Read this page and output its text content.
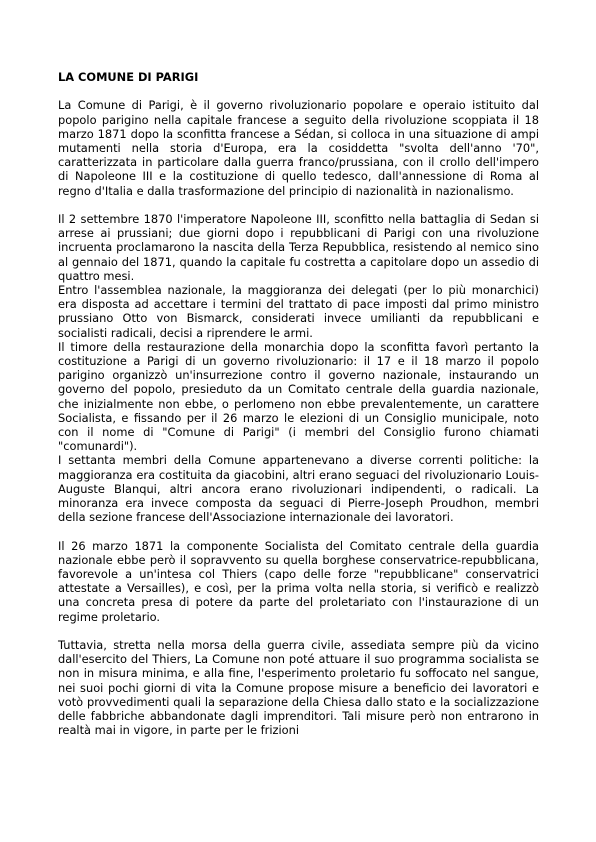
LA COMUNE DI PARIGI

La Comune di Parigi, è il governo rivoluzionario popolare e operaio istituito dal popolo parigino nella capitale francese a seguito della rivoluzione scoppiata il 18 marzo 1871 dopo la sconfitta francese a Sédan, si colloca in una situazione di ampi mutamenti nella storia d'Europa, era la cosiddetta "svolta dell'anno '70", caratterizzata in particolare dalla guerra franco/prussiana, con il crollo dell'impero di Napoleone III e la costituzione di quello tedesco, dall'annessione di Roma al regno d'Italia e dalla trasformazione del principio di nazionalità in nazionalismo.

Il 2 settembre 1870 l'imperatore Napoleone III, sconfitto nella battaglia di Sedan si arrese ai prussiani; due giorni dopo i repubblicani di Parigi con una rivoluzione incruenta proclamarono la nascita della Terza Repubblica, resistendo al nemico sino al gennaio del 1871, quando la capitale fu costretta a capitolare dopo un assedio di quattro mesi.

Entro l'assemblea nazionale, la maggioranza dei delegati (per lo più monarchici) era disposta ad accettare i termini del trattato di pace imposti dal primo ministro prussiano Otto von Bismarck, considerati invece umilianti da repubblicani e socialisti radicali, decisi a riprendere le armi.

Il timore della restaurazione della monarchia dopo la sconfitta favorì pertanto la costituzione a Parigi di un governo rivoluzionario: il 17 e il 18 marzo il popolo parigino organizzò un'insurrezione contro il governo nazionale, instaurando un governo del popolo, presieduto da un Comitato centrale della guardia nazionale, che inizialmente non ebbe, o perlomeno non ebbe prevalentemente, un carattere Socialista, e fissando per il 26 marzo le elezioni di un Consiglio municipale, noto con il nome di "Comune di Parigi" (i membri del Consiglio furono chiamati "comunardi").

I settanta membri della Comune appartenevano a diverse correnti politiche: la maggioranza era costituita da giacobini, altri erano seguaci del rivoluzionario Louis-Auguste Blanqui, altri ancora erano rivoluzionari indipendenti, o radicali. La minoranza era invece composta da seguaci di Pierre-Joseph Proudhon, membri della sezione francese dell'Associazione internazionale dei lavoratori.

Il 26 marzo 1871 la componente Socialista del Comitato centrale della guardia nazionale ebbe però il sopravvento su quella borghese conservatrice-repubblicana, favorevole a un'intesa col Thiers (capo delle forze "repubblicane" conservatrici attestate a Versailles), e così, per la prima volta nella storia, si verificò e realizzò una concreta presa di potere da parte del proletariato con l'instaurazione di un regime proletario.

Tuttavia, stretta nella morsa della guerra civile, assediata sempre più da vicino dall'esercito del Thiers, La Comune non poté attuare il suo programma socialista se non in misura minima, e alla fine, l'esperimento proletario fu soffocato nel sangue, nei suoi pochi giorni di vita la Comune propose misure a beneficio dei lavoratori e votò provvedimenti quali la separazione della Chiesa dallo stato e la socializzazione delle fabbriche abbandonate dagli imprenditori. Tali misure però non entrarono in realtà mai in vigore, in parte per le frizioni
